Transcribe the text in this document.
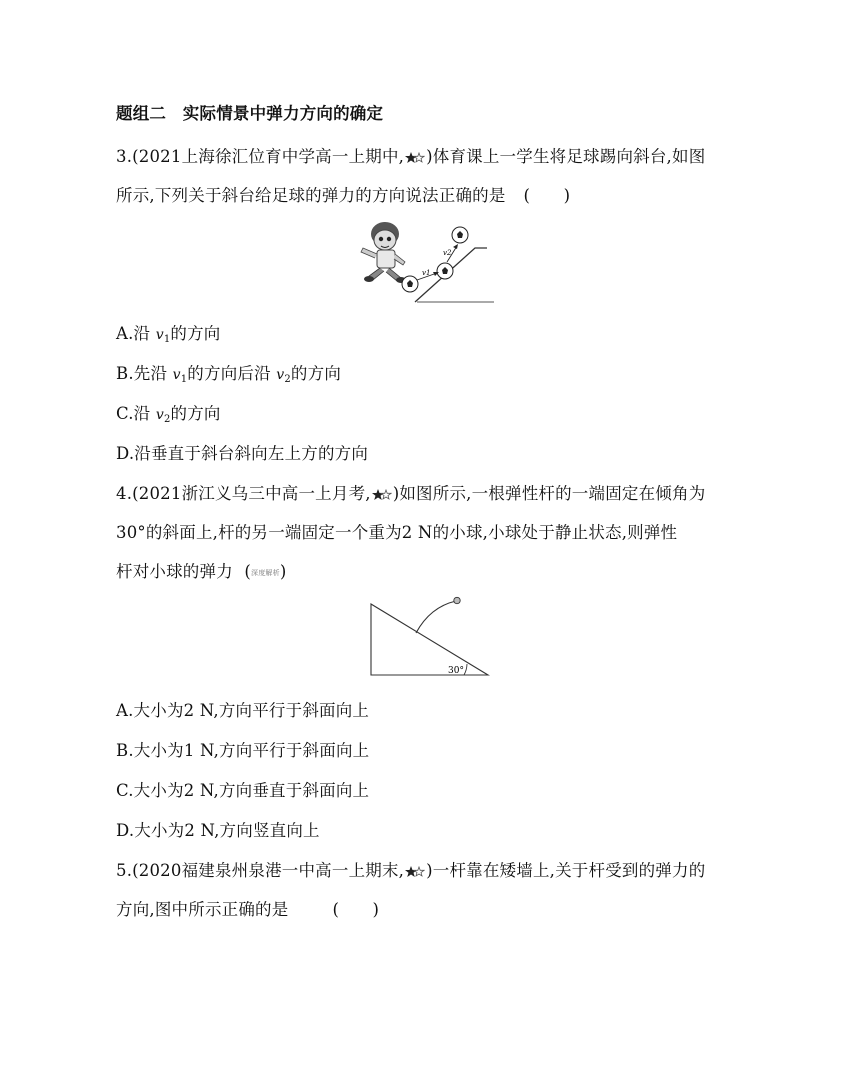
题组二　实际情景中弹力方向的确定
3.(2021上海徐汇位育中学高一上期中, )体育课上一学生将足球踢向斜台,如图
所示,下列关于斜台给足球的弹力的方向说法正确的是 (　　)
v1
v2
A.沿 $v_1$的方向
B.先沿 $v_1$的方向后沿 $v_2$的方向
C.沿 $v_2$的方向
D.沿垂直于斜台斜向左上方的方向
4.(2021浙江义乌三中高一上月考, )如图所示,一根弹性杆的一端固定在倾角为
30°的斜面上,杆的另一端固定一个重为2 N的小球,小球处于静止状态,则弹性
杆对小球的弹力 (深度解析)
30°
A.大小为2 N,方向平行于斜面向上
B.大小为1 N,方向平行于斜面向上
C.大小为2 N,方向垂直于斜面向上
D.大小为2 N,方向竖直向上
5.(2020福建泉州泉港一中高一上期末, )一杆靠在矮墙上,关于杆受到的弹力的
方向,图中所示正确的是	(　　)
